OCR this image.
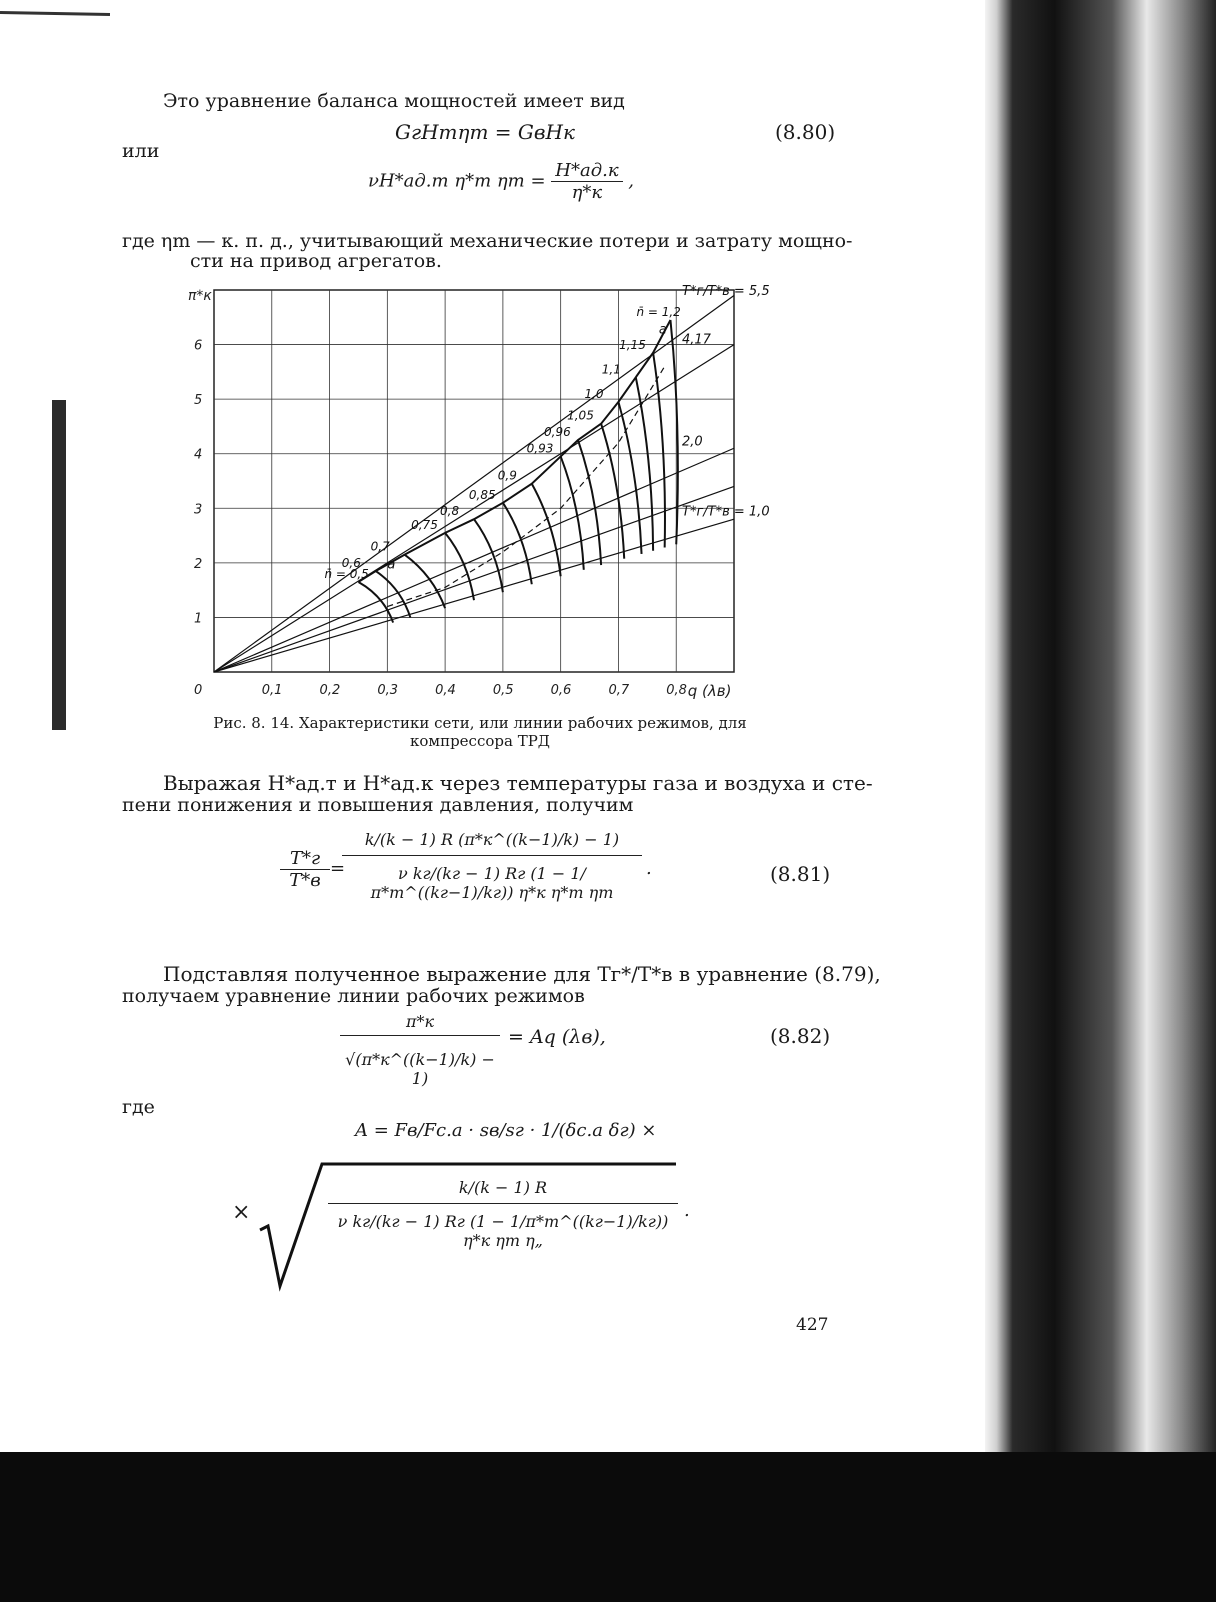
Это уравнение баланса мощностей имеет вид
GгHтηm = GвHк	(8.80)
или
νH*ад.т η*т $\eta m = \frac{H*ад.к}{\eta*к}$ ,
где ηm — к. п. д., учитывающий механические потери и затрату мощно-
сти на привод агрегатов.
0,1	0,2	0,3	0,4	0,5	0,6	0,7	0,8
1
2
3
4
5
6
0	q (λв)
π*к	T*г/T*в = 5,5
4,17
2,0
T*г/T*в = 1,0
n̄ = 0,5
0,6
0,7
0,75
0,8
0,85
0,9
0,93
0,96
1,05
1,0
1,1
1,15
n̄ = 1,2
a
a
Рис. 8. 14. Характеристики сети, или линии рабочих режимов, для
компрессора ТРД
Выражая H*ад.т и H*ад.к через температуры газа и воздуха и сте-
пени понижения и повышения давления, получим
T*г
T*в
=
k/(k − 1) R (π*к^((k−1)/k) − 1)
ν kг/(kг − 1) Rг (1 − 1/π*т^((kг−1)/kг)) η*к η*т ηm
.	(8.81)
Подставляя полученное выражение для Tг*/T*в в уравнение (8.79),
получаем уравнение линии рабочих режимов
π*к
√(π*к^((k−1)/k) − 1)
= Aq (λв),	(8.82)
где
A = Fв/Fс.а · sв/sг · 1/(δс.а δг) ×
×
k/(k − 1) R
ν kг/(kг − 1) Rг (1 − 1/π*т^((kг−1)/kг)) η*к ηт η„
.
427
